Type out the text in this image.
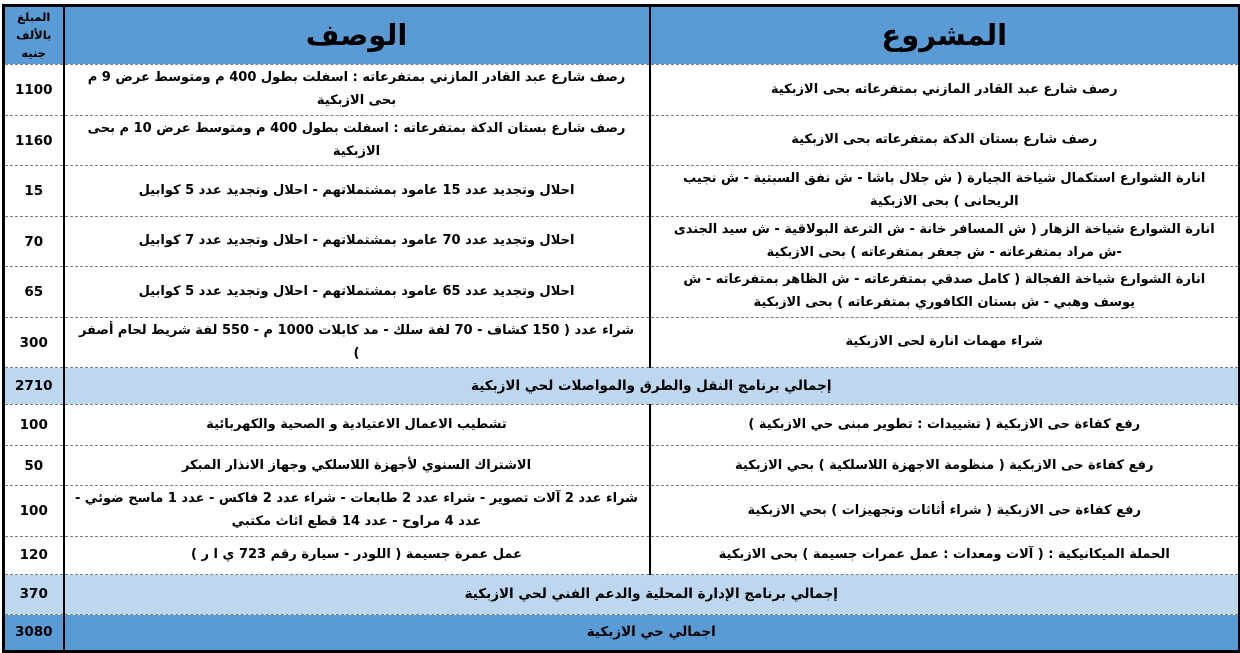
المشروع	الوصف	المبلغ بالألف جنيه
رصف شارع عبد القادر المازني بمتفرعاته بحى الازبكية	رصف شارع عبد القادر المازني بمتفرعاته : اسفلت بطول 400 م ومتوسط عرض 9 م بحى الازبكية	1100
رصف شارع بستان الدكة بمتفرعاته بحى الازبكية	رصف شارع بستان الدكة بمتفرعاته : اسفلت بطول 400 م ومتوسط عرض 10 م بحى الازبكية	1160
انارة الشوارع استكمال شياخة الجيارة ( ش جلال باشا - ش نفق السبتية - ش نجيب الريحانى ) بحى الازبكية	احلال وتجديد عدد 15 عامود بمشتملاتهم - احلال وتجديد عدد 5 كوابيل	15
انارة الشوارع شياخة الزهار ( ش المسافر خانة - ش الترعة البولاقية - ش سيد الجندى -ش مراد بمتفرعاته - ش جعفر بمتفرعاته ) بحى الازبكية	احلال وتجديد عدد 70 عامود بمشتملاتهم - احلال وتجديد عدد 7 كوابيل	70
انارة الشوارع شياخة الفجالة ( كامل صدقي بمتفرعاته - ش الظاهر بمتفرعاته - ش يوسف وهبي - ش بستان الكافوري بمتفرعاته ) بحى الازبكية	احلال وتجديد عدد 65 عامود بمشتملاتهم - احلال وتجديد عدد 5 كوابيل	65
شراء مهمات انارة لحى الازبكية	شراء عدد ( 150 كشاف - 70 لفة سلك - مد كابلات 1000 م - 550 لفة شريط لحام أصفر )	300
إجمالي برنامج النقل والطرق والمواصلات لحي الازبكية		2710
رفع كفاءة حى الازبكية ( تشييدات : تطوير مبنى حي الازبكية )	تشطيب الاعمال الاعتيادية و الصحية والكهربائية	100
رفع كفاءة حى الازبكية ( منظومة الاجهزة اللاسلكية ) بحي الازبكية	الاشتراك السنوي لأجهزة اللاسلكي وجهاز الانذار المبكر	50
رفع كفاءة حى الازبكية ( شراء أثاثات وتجهيزات ) بحي الازبكية	شراء عدد 2 آلات تصوير - شراء عدد 2 طابعات - شراء عدد 2 فاكس - عدد 1 ماسح ضوئي - عدد 4 مراوح - عدد 14 قطع اثاث مكتبي	100
الحملة الميكانيكية : ( آلات ومعدات : عمل عمرات جسيمة ) بحى الازبكية	عمل عمرة جسيمة ( اللودر - سيارة رقم 723 ي ا ر )	120
إجمالي برنامج الإدارة المحلية والدعم الفني لحي الازبكية		370
اجمالي حي الازبكية		3080
